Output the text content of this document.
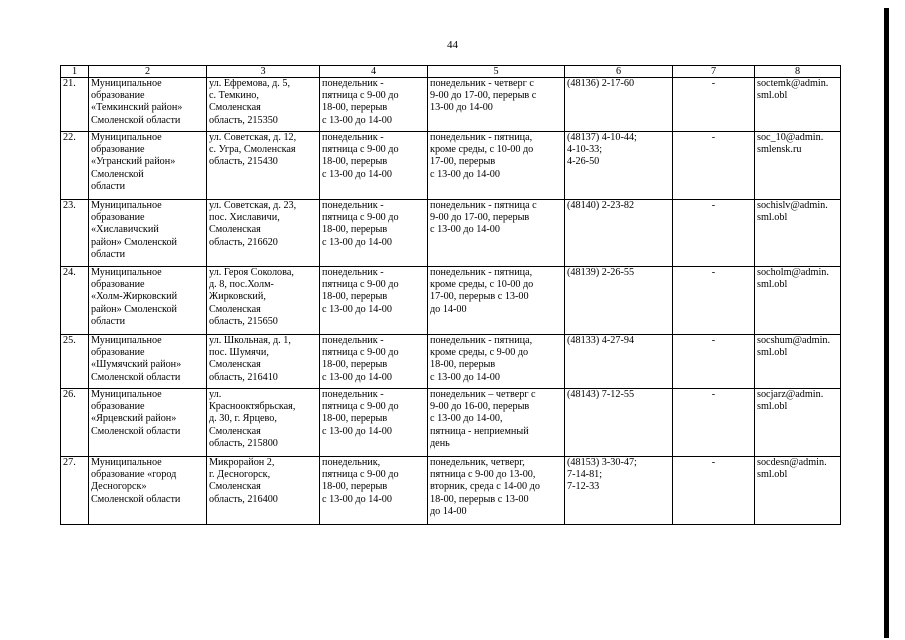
44
1	2	3	4	5	6	7	8
21.	Муниципальное
образование
«Темкинский район»
Смоленской области	ул. Ефремова, д. 5,
с. Темкино,
Смоленская
область, 215350	понедельник -
пятница с 9-00 до
18-00, перерыв
с 13-00 до 14-00	понедельник - четверг с
9-00 до 17-00, перерыв с
13-00 до 14-00	(48136) 2-17-60	-	soctemk@admin.
sml.obl
22.	Муниципальное
образование
«Угранский район»
Смоленской
области	ул. Советская, д. 12,
с. Угра, Смоленская
область, 215430	понедельник -
пятница с 9-00 до
18-00, перерыв
с 13-00 до 14-00	понедельник - пятница,
кроме среды, с 10-00 до
17-00, перерыв
с 13-00 до 14-00	(48137) 4-10-44;
4-10-33;
4-26-50	-	soc_10@admin.
smlensk.ru
23.	Муниципальное
образование
«Хиславичский
район» Смоленской
области	ул. Советская, д. 23,
пос. Хиславичи,
Смоленская
область, 216620	понедельник -
пятница с 9-00 до
18-00, перерыв
с 13-00 до 14-00	понедельник - пятница с
9-00 до 17-00, перерыв
с 13-00 до 14-00	(48140) 2-23-82	-	sochislv@admin.
sml.obl
24.	Муниципальное
образование
«Холм-Жирковский
район» Смоленской
области	ул. Героя Соколова,
д. 8, пос.Холм-
Жирковский,
Смоленская
область, 215650	понедельник -
пятница с 9-00 до
18-00, перерыв
с 13-00 до 14-00	понедельник - пятница,
кроме среды, с 10-00 до
17-00, перерыв с 13-00
до 14-00	(48139) 2-26-55	-	socholm@admin.
sml.obl
25.	Муниципальное
образование
«Шумячский район»
Смоленской области	ул. Школьная, д. 1,
пос. Шумячи,
Смоленская
область, 216410	понедельник -
пятница с 9-00 до
18-00, перерыв
с 13-00 до 14-00	понедельник - пятница,
кроме среды, с 9-00 до
18-00, перерыв
с 13-00 до 14-00	(48133) 4-27-94	-	socshum@admin.
sml.obl
26.	Муниципальное
образование
«Ярцевский район»
Смоленской области	ул.
Красноoктябрьская,
д. 30, г. Ярцево,
Смоленская
область, 215800	понедельник -
пятница с 9-00 до
18-00, перерыв
с 13-00 до 14-00	понедельник – четверг с
9-00 до 16-00, перерыв
с 13-00 до 14-00,
пятница - неприемный
день	(48143) 7-12-55	-	socjarz@admin.
sml.obl
27.	Муниципальное
образование «город
Десногорск»
Смоленской области	Микрорайон 2,
г. Десногорск,
Смоленская
область, 216400	понедельник,
пятница с 9-00 до
18-00, перерыв
с 13-00 до 14-00	понедельник, четверг,
пятница с 9-00 до 13-00,
вторник, среда с 14-00 до
18-00, перерыв с 13-00
до 14-00	(48153) 3-30-47;
7-14-81;
7-12-33	-	socdesn@admin.
sml.obl
